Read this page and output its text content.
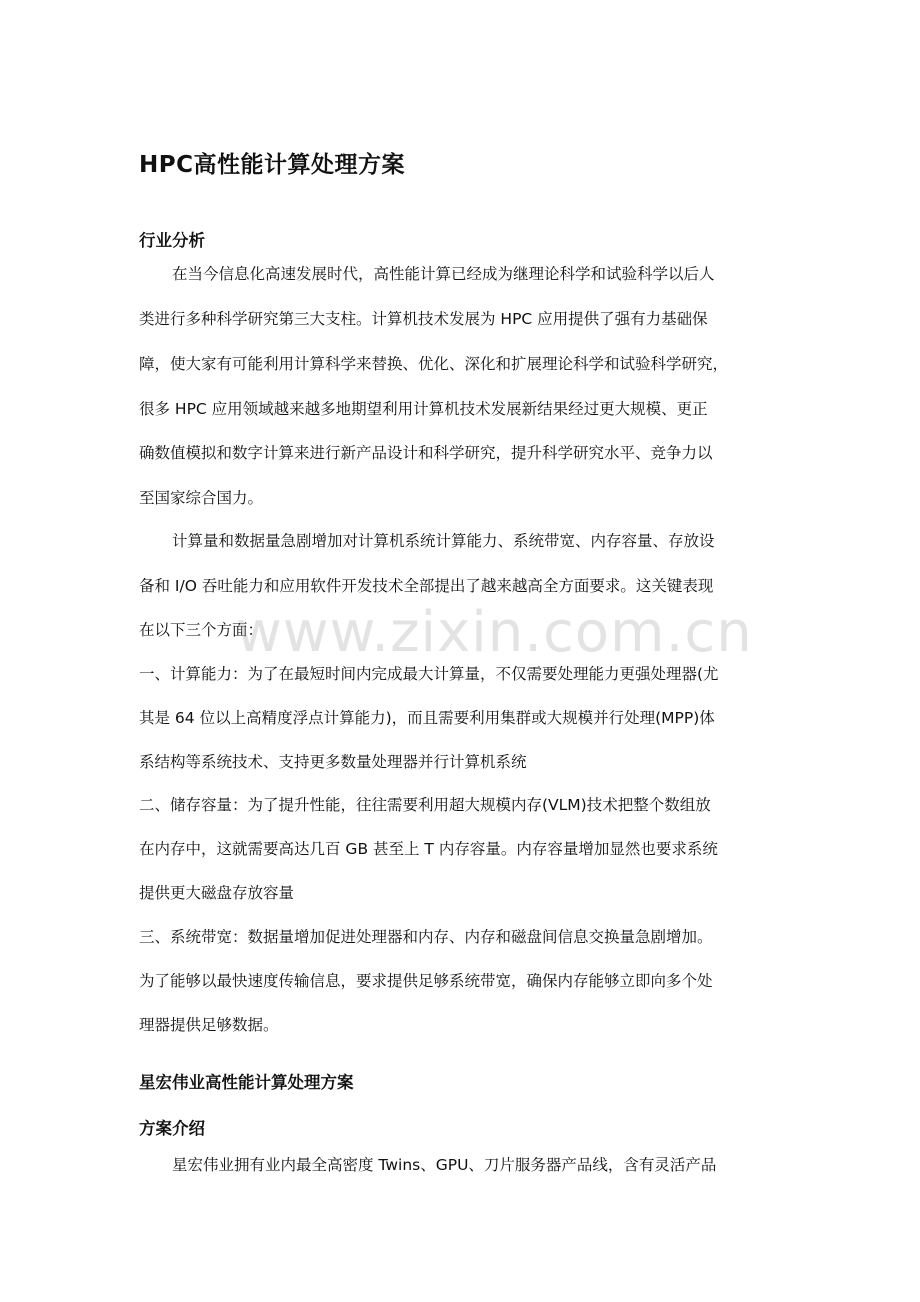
HPC高性能计算处理方案
行业分析

在当今信息化高速发展时代，高性能计算已经成为继理论科学和试验科学以后人

类进行多种科学研究第三大支柱。计算机技术发展为 HPC 应用提供了强有力基础保

障，使大家有可能利用计算科学来替换、优化、深化和扩展理论科学和试验科学研究，

很多 HPC 应用领域越来越多地期望利用计算机技术发展新结果经过更大规模、更正

确数值模拟和数字计算来进行新产品设计和科学研究，提升科学研究水平、竞争力以

至国家综合国力。

计算量和数据量急剧增加对计算机系统计算能力、系统带宽、内存容量、存放设

备和 I/O 吞吐能力和应用软件开发技术全部提出了越来越高全方面要求。这关键表现

在以下三个方面：

一、计算能力：为了在最短时间内完成最大计算量，不仅需要处理能力更强处理器(尤

其是 64 位以上高精度浮点计算能力)，而且需要利用集群或大规模并行处理(MPP)体

系结构等系统技术、支持更多数量处理器并行计算机系统

二、储存容量：为了提升性能，往往需要利用超大规模内存(VLM)技术把整个数组放

在内存中，这就需要高达几百 GB 甚至上 T 内存容量。内存容量增加显然也要求系统

提供更大磁盘存放容量

三、系统带宽：数据量增加促进处理器和内存、内存和磁盘间信息交换量急剧增加。

为了能够以最快速度传输信息，要求提供足够系统带宽，确保内存能够立即向多个处

理器提供足够数据。

星宏伟业高性能计算处理方案
方案介绍

星宏伟业拥有业内最全高密度 Twins、GPU、刀片服务器产品线，含有灵活产品

www.zixin.com.cn
